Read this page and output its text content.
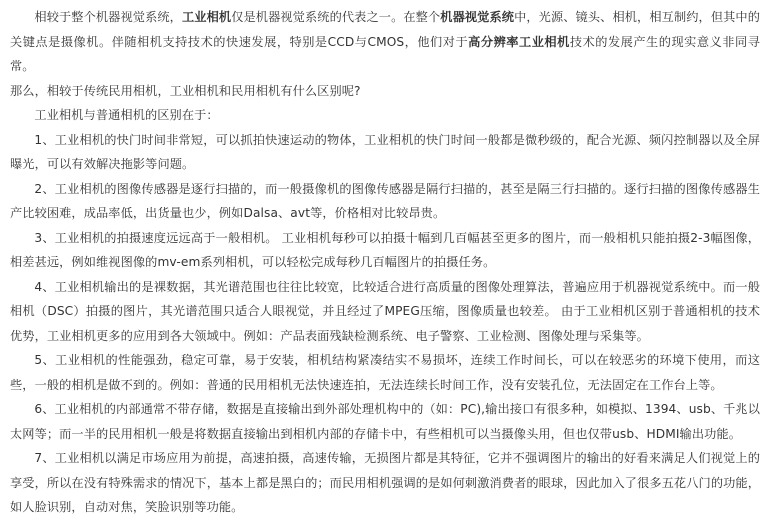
相较于整个机器视觉系统，工业相机仅是机器视觉系统的代表之一。在整个机器视觉系统中，光源、镜头、相机，相互制约，但其中的关键点是摄像机。伴随相机支持技术的快速发展，特别是CCD与CMOS，他们对于高分辨率工业相机技术的发展产生的现实意义非同寻常。

那么，相较于传统民用相机，工业相机和民用相机有什么区别呢?

工业相机与普通相机的区别在于：

1、工业相机的快门时间非常短，可以抓拍快速运动的物体，工业相机的快门时间一般都是微秒级的，配合光源、频闪控制器以及全屏曝光，可以有效解决拖影等问题。

2、工业相机的图像传感器是逐行扫描的，而一般摄像机的图像传感器是隔行扫描的，甚至是隔三行扫描的。逐行扫描的图像传感器生产比较困难，成品率低，出货量也少，例如Dalsa、avt等，价格相对比较昂贵。

3、工业相机的拍摄速度远远高于一般相机。 工业相机每秒可以拍摄十幅到几百幅甚至更多的图片，而一般相机只能拍摄2-3幅图像，相差甚远，例如维视图像的mv-em系列相机，可以轻松完成每秒几百幅图片的拍摄任务。

4、工业相机输出的是裸数据，其光谱范围也往往比较宽，比较适合进行高质量的图像处理算法，普遍应用于机器视觉系统中。而一般相机（DSC）拍摄的图片，其光谱范围只适合人眼视觉，并且经过了MPEG压缩，图像质量也较差。 由于工业相机区别于普通相机的技术优势，工业相机更多的应用到各大领域中。例如：产品表面残缺检测系统、电子警察、工业检测、图像处理与采集等。

5、工业相机的性能强劲，稳定可靠，易于安装，相机结构紧凑结实不易损坏，连续工作时间长，可以在较恶劣的环境下使用，而这些，一般的相机是做不到的。例如：普通的民用相机无法快速连拍，无法连续长时间工作，没有安装孔位，无法固定在工作台上等。

6、工业相机的内部通常不带存储，数据是直接输出到外部处理机构中的（如：PC),输出接口有很多种，如模拟、1394、usb、千兆以太网等；而一半的民用相机一般是将数据直接输出到相机内部的存储卡中，有些相机可以当摄像头用，但也仅带usb、HDMI输出功能。

7、工业相机以满足市场应用为前提，高速拍摄，高速传输，无损图片都是其特征，它并不强调图片的输出的好看来满足人们视觉上的享受，所以在没有特殊需求的情况下，基本上都是黑白的；而民用相机强调的是如何刺激消费者的眼球，因此加入了很多五花八门的功能，如人脸识别，自动对焦，笑脸识别等功能。
